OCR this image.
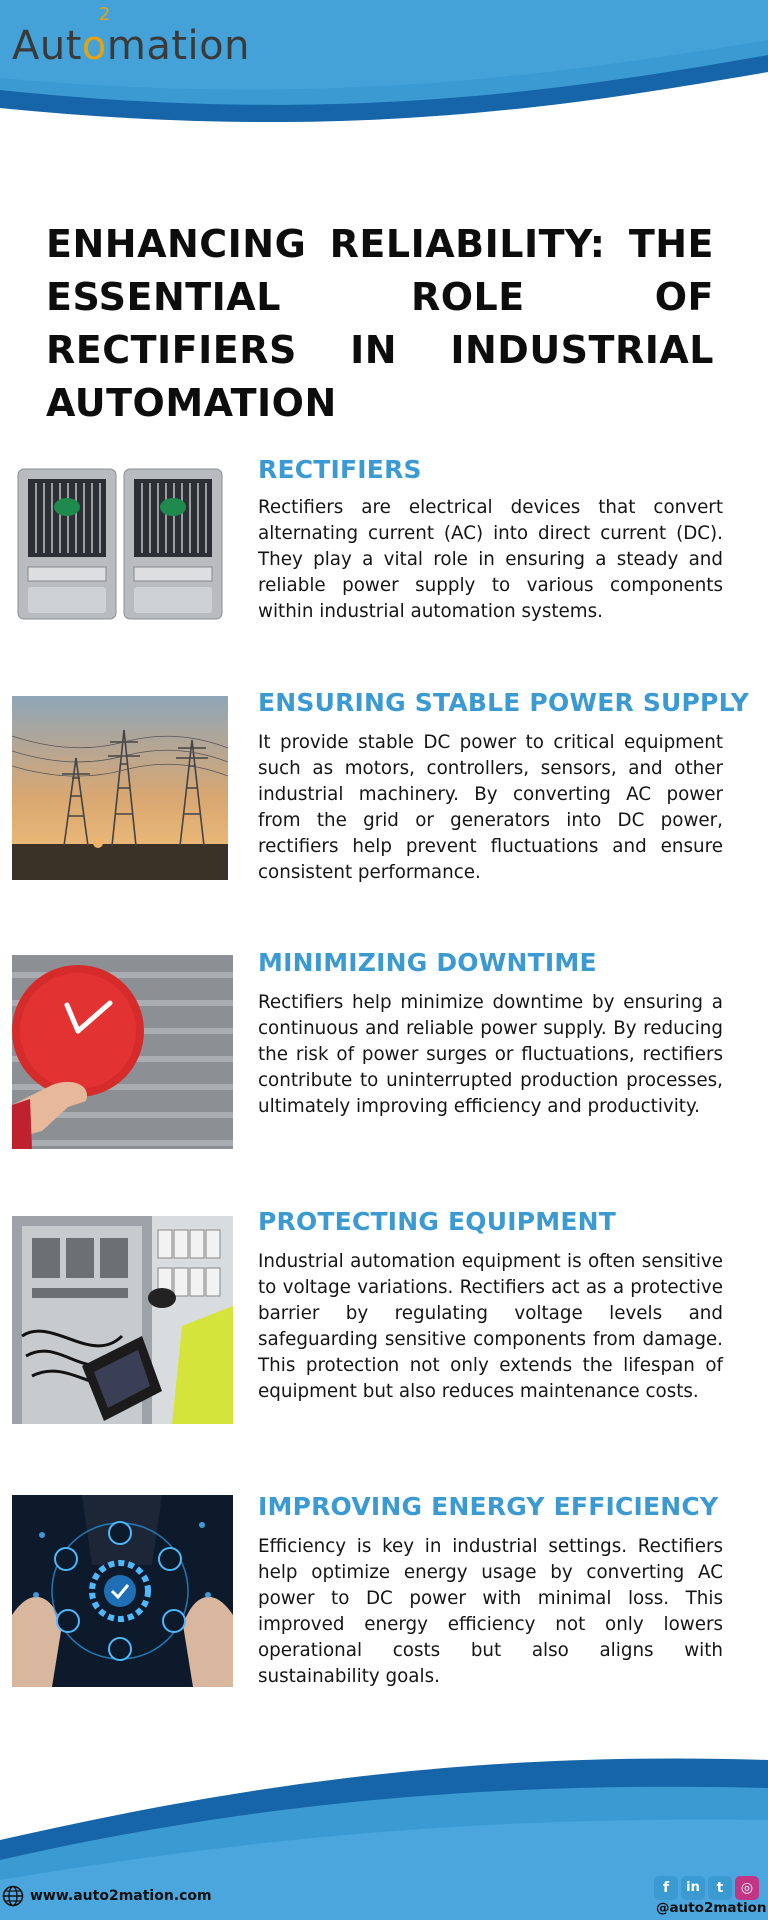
Auto
2
mation
ENHANCING RELIABILITY: THE ESSENTIAL ROLE OF RECTIFIERS IN INDUSTRIAL AUTOMATION
RECTIFIERS

Rectifiers are electrical devices that convert alternating current (AC) into direct current (DC). They play a vital role in ensuring a steady and reliable power supply to various components within industrial automation systems.

ENSURING STABLE POWER SUPPLY

It provide stable DC power to critical equipment such as motors, controllers, sensors, and other industrial machinery. By converting AC power from the grid or generators into DC power, rectifiers help prevent fluctuations and ensure consistent performance.

MINIMIZING DOWNTIME

Rectifiers help minimize downtime by ensuring a continuous and reliable power supply. By reducing the risk of power surges or fluctuations, rectifiers contribute to uninterrupted production processes, ultimately improving efficiency and productivity.

PROTECTING EQUIPMENT

Industrial automation equipment is often sensitive to voltage variations. Rectifiers act as a protective barrier by regulating voltage levels and safeguarding sensitive components from damage. This protection not only extends the lifespan of equipment but also reduces maintenance costs.

IMPROVING ENERGY EFFICIENCY

Efficiency is key in industrial settings. Rectifiers help optimize energy usage by converting AC power to DC power with minimal loss. This improved energy efficiency not only lowers operational costs but also aligns with sustainability goals.

www.auto2mation.com	f	in	t	◎
@auto2mation
